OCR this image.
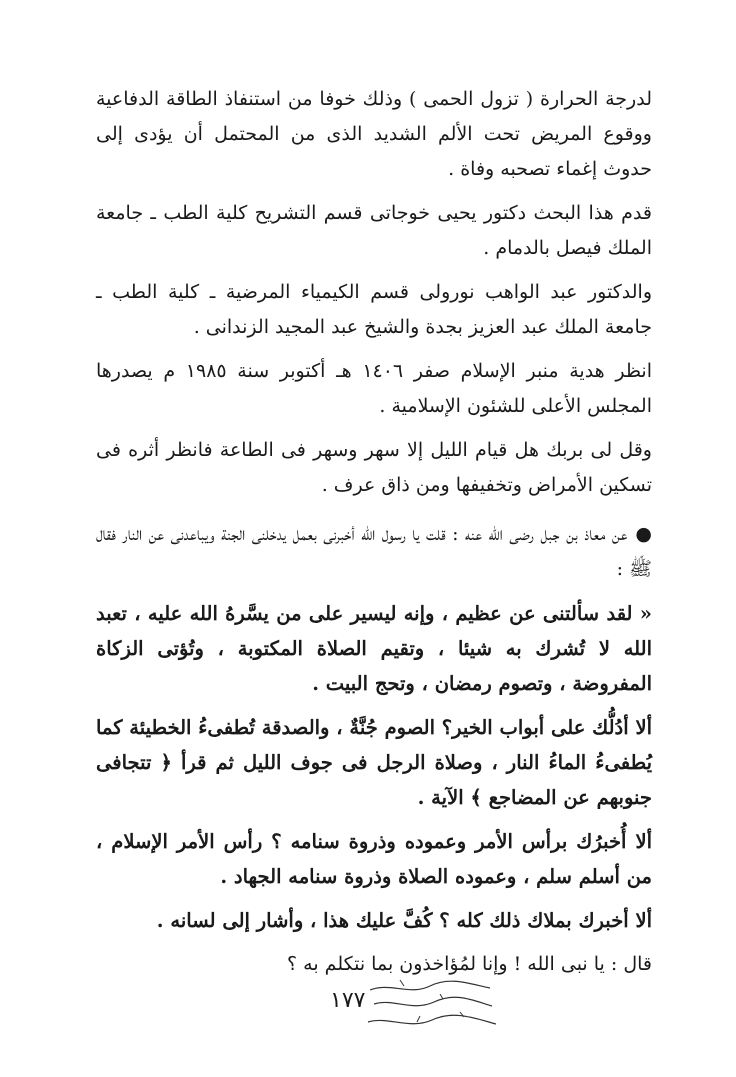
لدرجة الحرارة ( تزول الحمى ) وذلك خوفا من استنفاذ الطاقة الدفاعية ووقوع المريض تحت الألم الشديد الذى من المحتمل أن يؤدى إلى حدوث إغماء تصحبه وفاة .

قدم هذا البحث دكتور يحيى خوجاتى قسم التشريح كلية الطب ـ جامعة الملك فيصل بالدمام .

والدكتور عبد الواهب نورولى قسم الكيمياء المرضية ـ كلية الطب ـ جامعة الملك عبد العزيز بجدة والشيخ عبد المجيد الزندانى .

انظر هدية منبر الإسلام صفر ١٤٠٦ هـ أكتوبر سنة ١٩٨٥ م يصدرها المجلس الأعلى للشئون الإسلامية .

وقل لى بربك هل قيام الليل إلا سهر وسهر فى الطاعة فانظر أثره فى تسكين الأمراض وتخفيفها ومن ذاق عرف .

●عن معاذ بن جبل رضى الله عنه : قلت يا رسول الله أخبرنى بعمل يدخلنى الجنة ويباعدنى عن النار فقال ﷺ :

« لقد سألتنى عن عظيم ، وإنه ليسير على من يسَّرهُ الله عليه ، تعبد الله لا تُشرك به شيئا ، وتقيم الصلاة المكتوبة ، وتُؤتى الزكاة المفروضة ، وتصوم رمضان ، وتحج البيت .

ألا أدُلُّك على أبواب الخير؟ الصوم جُنَّةٌ ، والصدقة تُطفىءُ الخطيئة كما يُطفىءُ الماءُ النار ، وصلاة الرجل فى جوف الليل ثم قرأ ﴿ تتجافى جنوبهم عن المضاجع ﴾ الآية .

ألا أُخبرُك برأس الأمر وعموده وذروة سنامه ؟ رأس الأمر الإسلام ، من أسلم سلم ، وعموده الصلاة وذروة سنامه الجهاد .

ألا أخبرك بملاك ذلك كله ؟ كُفَّ عليك هذا ، وأشار إلى لسانه .

قال : يا نبى الله ! وإنا لمُؤاخذون بما نتكلم به ؟

١٧٧
